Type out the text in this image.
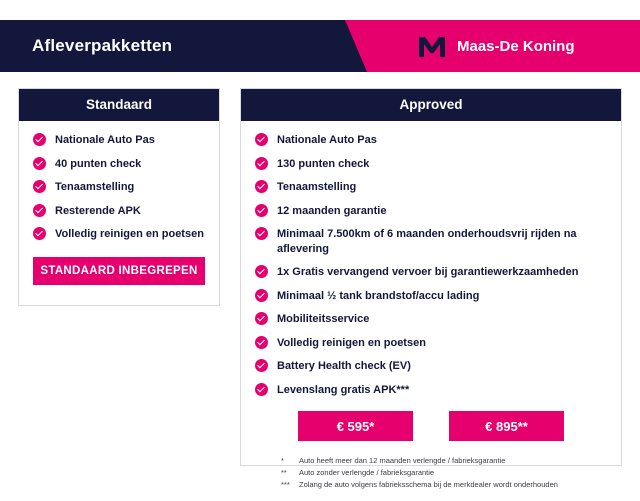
Afleverpakketten	Maas-De Koning
Standaard
Nationale Auto Pas
40 punten check
Tenaamstelling
Resterende APK
Volledig reinigen en poetsen
STANDAARD INBEGREPEN
Approved
Nationale Auto Pas
130 punten check
Tenaamstelling
12 maanden garantie
Minimaal 7.500km of 6 maanden onderhoudsvrij rijden na aflevering
1x Gratis vervangend vervoer bij garantiewerkzaamheden
Minimaal ½ tank brandstof/accu lading
Mobiliteitsservice
Volledig reinigen en poetsen
Battery Health check (EV)
Levenslang gratis APK***
€ 595*	€ 895**
*	Auto heeft meer dan 12 maanden verlengde / fabrieksgarantie
**	Auto zonder verlengde / fabrieksgarantie
***	Zolang de auto volgens fabrieksschema bij de merkdealer wordt onderhouden
